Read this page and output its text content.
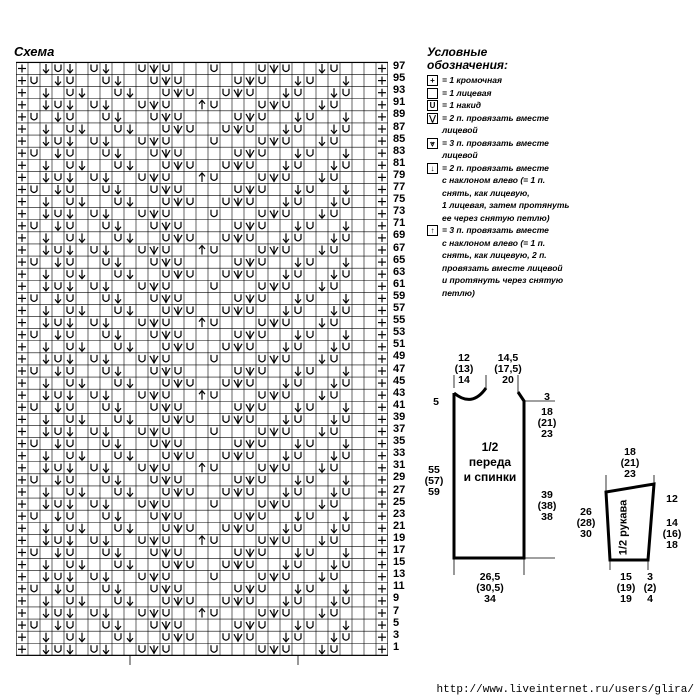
Схема
97
95
93
91
89
87
85
83
81
79
77
75
73
71
69
67
65
63
61
59
57
55
53
51
49
47
45
43
41
39
37
35
33
31
29
27
25
23
21
19
17
15
13
11
9
7
5
3
1
Условные
обозначения:
+ = 1 кромочная
= 1 лицевая
U = 1 накид
⋁ = 2 п. провязать вместе
лицевой
⩔ = 3 п. провязать вместе
лицевой
↓ = 2 п. провязать вместе
с наклоном влево (= 1 п.
снять, как лицевую,
1 лицевая, затем протянуть
ее через снятую петлю)
↑ = 3 п. провязать вместе
с наклоном влево (= 1 п.
снять, как лицевую, 2 п.
провязать вместе лицевой
и протянуть через снятую
петлю)
12
(13)
14
14,5
(17,5)
20
5	3
18
(21)
23
1/2
переда
и спинки
55
(57)
59	39
(38)
38
26,5
(30,5)
34
18
(21)
23
12
14
(16)
18
26
(28)
30	1/2 рукава
15
(19)
19
3
(2)
4
http://www.liveinternet.ru/users/glira/
